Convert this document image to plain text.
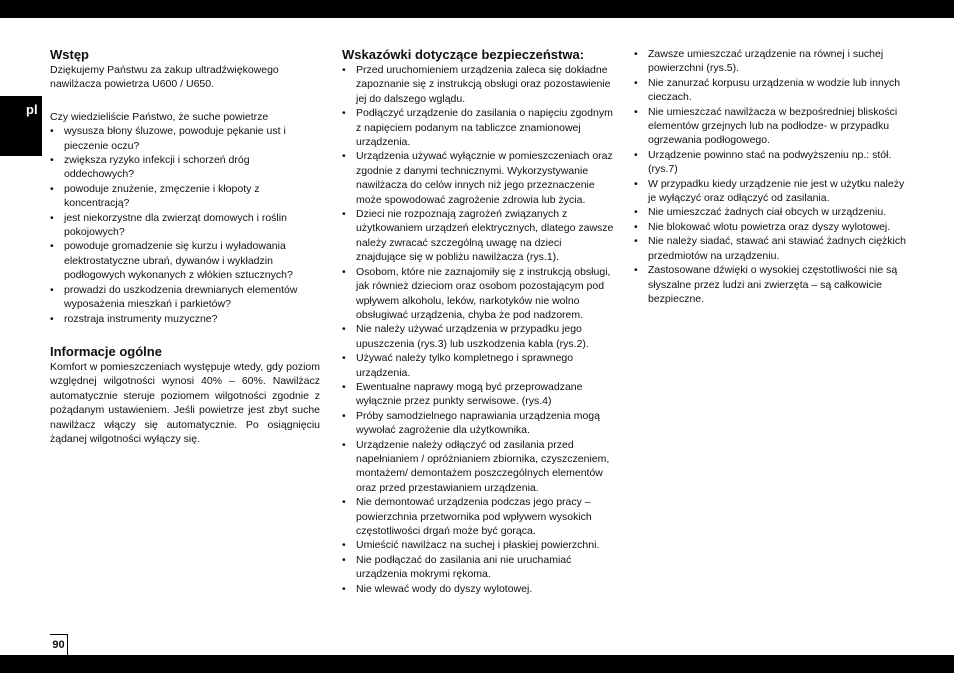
pl
Wstęp

Dziękujemy Państwu za zakup ultradźwiękowego nawilżacza powietrza U600 / U650.

Czy wiedzieliście Państwo, że suche powietrze

• wysusza błony śluzowe, powoduje pękanie ust i pieczenie oczu?
• zwiększa ryzyko infekcji i schorzeń dróg oddechowych?
• powoduje znużenie, zmęczenie i kłopoty z koncentracją?
• jest niekorzystne dla zwierząt domowych i roślin pokojowych?
• powoduje gromadzenie się kurzu i wyładowania elektrostatyczne ubrań, dywanów i wykładzin podłogowych wykonanych z włókien sztucznych?
• prowadzi do uszkodzenia drewnianych elementów wyposażenia mieszkań i parkietów?
• rozstraja instrumenty muzyczne?
Informacje ogólne

Komfort w pomieszczeniach występuje wtedy, gdy poziom względnej wilgotności wynosi 40% – 60%. Nawilżacz automatycznie steruje poziomem wilgotności zgodnie z pożądanym ustawieniem. Jeśli powietrze jest zbyt suche nawilżacz włączy się automatycznie. Po osiągnięciu żądanej wilgotności wyłączy się.

Wskazówki dotyczące bezpieczeństwa:
• Przed uruchomieniem urządzenia zaleca się dokładne zapoznanie się z instrukcją obsługi oraz pozostawienie jej do dalszego wglądu.
• Podłączyć urządzenie do zasilania o napięciu zgodnym z napięciem podanym na tabliczce znamionowej urządzenia.
• Urządzenia używać wyłącznie w pomieszczeniach oraz zgodnie z danymi technicznymi. Wykorzystywanie nawilżacza do celów innych niż jego przeznaczenie może spowodować zagrożenie zdrowia lub życia.
• Dzieci nie rozpoznają zagrożeń związanych z użytkowaniem urządzeń elektrycznych, dlatego zawsze należy zwracać szczególną uwagę na dzieci znajdujące się w pobliżu nawilżacza (rys.1).
• Osobom, które nie zaznajomiły się z instrukcją obsługi, jak również dzieciom oraz osobom pozostającym pod wpływem alkoholu, leków, narkotyków nie wolno obsługiwać urządzenia, chyba że pod nadzorem.
• Nie należy używać urządzenia w przypadku jego upuszczenia (rys.3) lub uszkodzenia kabla (rys.2).
• Używać należy tylko kompletnego i sprawnego urządzenia.
• Ewentualne naprawy mogą być przeprowadzane wyłącznie przez punkty serwisowe. (rys.4)
• Próby samodzielnego naprawiania urządzenia mogą wywołać zagrożenie dla użytkownika.
• Urządzenie należy odłączyć od zasilania przed napełnianiem / opróżnianiem zbiornika, czyszczeniem, montażem/ demontażem poszczególnych elementów oraz przed przestawianiem urządzenia.
• Nie demontować urządzenia podczas jego pracy – powierzchnia przetwornika pod wpływem wysokich częstotliwości drgań może być gorąca.
• Umieścić nawilżacz na suchej i płaskiej powierzchni.
• Nie podłączać do zasilania ani nie uruchamiać urządzenia mokrymi rękoma.
• Nie wlewać wody do dyszy wylotowej.
• Zawsze umieszczać urządzenie na równej i suchej powierzchni (rys.5).
• Nie zanurzać korpusu urządzenia w wodzie lub innych cieczach.
• Nie umieszczać nawilżacza w bezpośredniej bliskości elementów grzejnych lub na podłodze- w przypadku ogrzewania podłogowego.
• Urządzenie powinno stać na podwyższeniu np.: stół. (rys.7)
• W przypadku kiedy urządzenie nie jest w użytku należy je wyłączyć oraz odłączyć od zasilania.
• Nie umieszczać żadnych ciał obcych w urządzeniu.
• Nie blokować wlotu powietrza oraz dyszy wylotowej.
• Nie należy siadać, stawać ani stawiać żadnych ciężkich przedmiotów na urządzeniu.
• Zastosowane dźwięki o wysokiej częstotliwości nie są słyszalne przez ludzi ani zwierzęta – są całkowicie bezpieczne.
90
